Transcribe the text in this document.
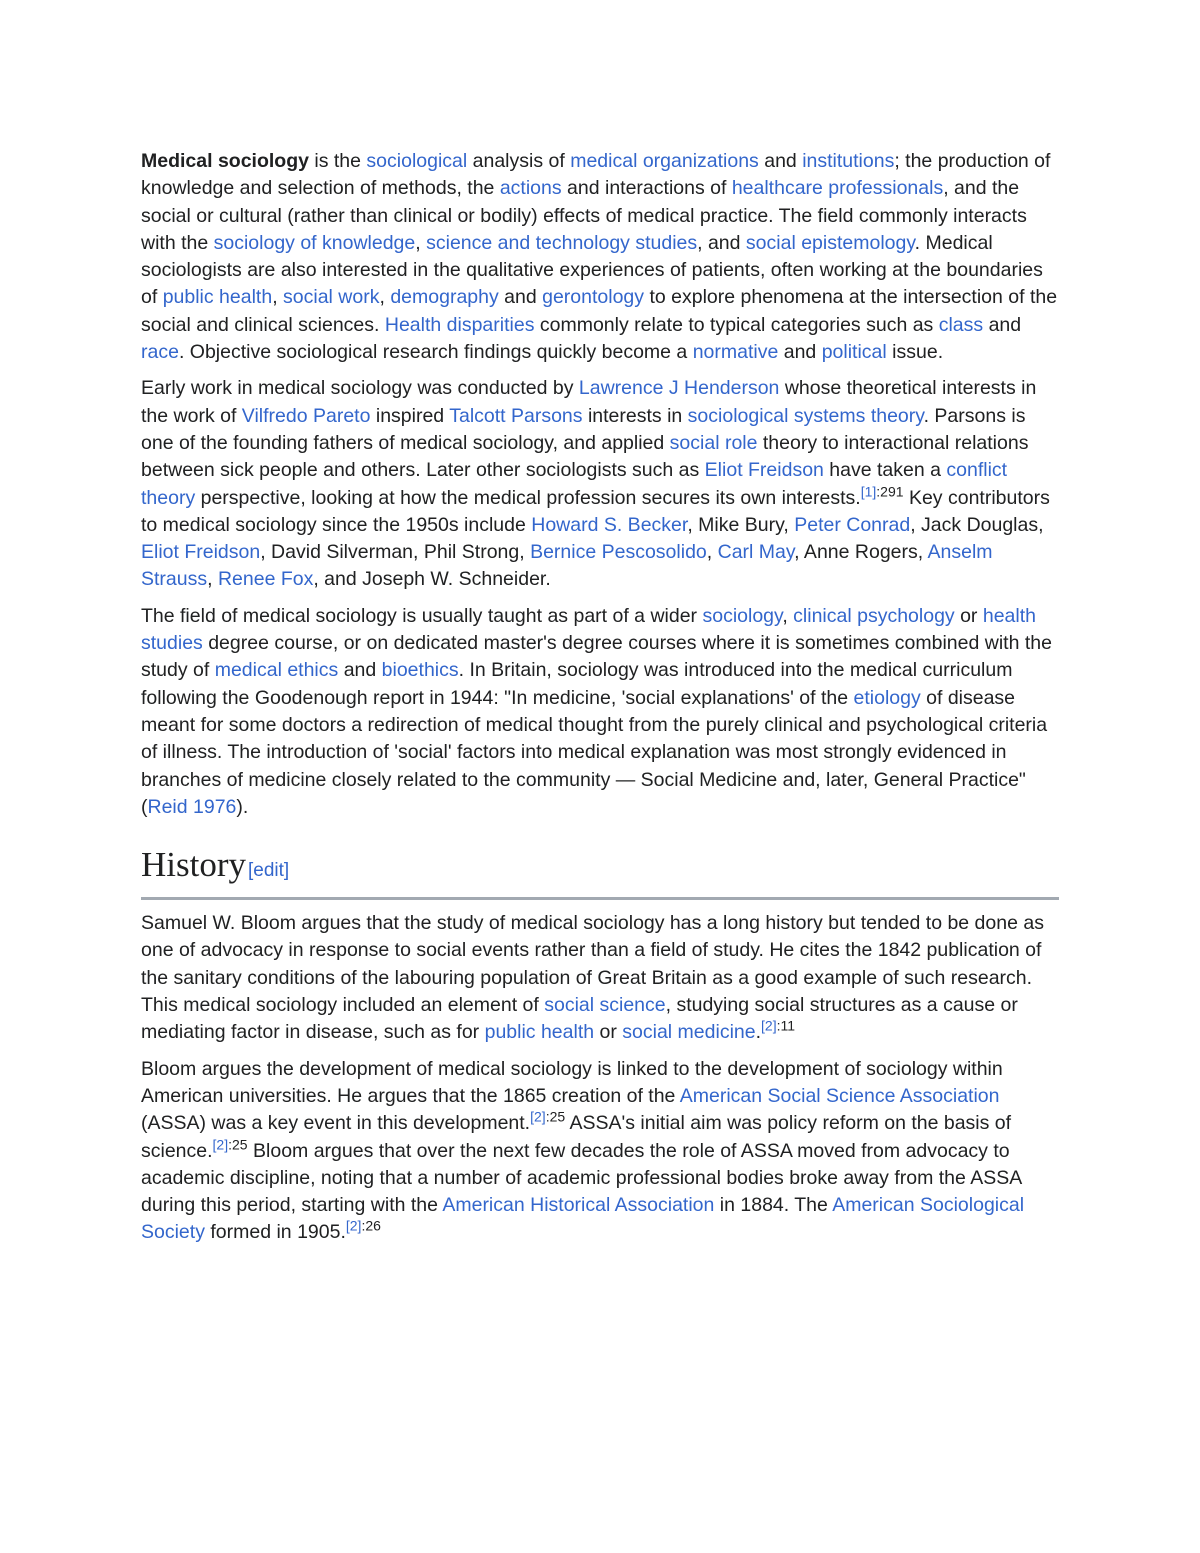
Medical sociology is the sociological analysis of medical organizations and institutions; the production of knowledge and selection of methods, the actions and interactions of healthcare professionals, and the social or cultural (rather than clinical or bodily) effects of medical practice. The field commonly interacts with the sociology of knowledge, science and technology studies, and social epistemology. Medical sociologists are also interested in the qualitative experiences of patients, often working at the boundaries of public health, social work, demography and gerontology to explore phenomena at the intersection of the social and clinical sciences. Health disparities commonly relate to typical categories such as class and race. Objective sociological research findings quickly become a normative and political issue.

Early work in medical sociology was conducted by Lawrence J Henderson whose theoretical interests in the work of Vilfredo Pareto inspired Talcott Parsons interests in sociological systems theory. Parsons is one of the founding fathers of medical sociology, and applied social role theory to interactional relations between sick people and others. Later other sociologists such as Eliot Freidson have taken a conflict theory perspective, looking at how the medical profession secures its own interests.$^{[1]:291}$ Key contributors to medical sociology since the 1950s include Howard S. Becker, Mike Bury, Peter Conrad, Jack Douglas, Eliot Freidson, David Silverman, Phil Strong, Bernice Pescosolido, Carl May, Anne Rogers, Anselm Strauss, Renee Fox, and Joseph W. Schneider.

The field of medical sociology is usually taught as part of a wider sociology, clinical psychology or health studies degree course, or on dedicated master's degree courses where it is sometimes combined with the study of medical ethics and bioethics. In Britain, sociology was introduced into the medical curriculum following the Goodenough report in 1944: "In medicine, 'social explanations' of the etiology of disease meant for some doctors a redirection of medical thought from the purely clinical and psychological criteria of illness. The introduction of 'social' factors into medical explanation was most strongly evidenced in branches of medicine closely related to the community — Social Medicine and, later, General Practice" (Reid 1976).

History [edit]

Samuel W. Bloom argues that the study of medical sociology has a long history but tended to be done as one of advocacy in response to social events rather than a field of study. He cites the 1842 publication of the sanitary conditions of the labouring population of Great Britain as a good example of such research. This medical sociology included an element of social science, studying social structures as a cause or mediating factor in disease, such as for public health or social medicine.$^{[2]:11}$

Bloom argues the development of medical sociology is linked to the development of sociology within American universities. He argues that the 1865 creation of the American Social Science Association (ASSA) was a key event in this development.$^{[2]:25}$ ASSA's initial aim was policy reform on the basis of science.$^{[2]:25}$ Bloom argues that over the next few decades the role of ASSA moved from advocacy to academic discipline, noting that a number of academic professional bodies broke away from the ASSA during this period, starting with the American Historical Association in 1884. The American Sociological Society formed in 1905.$^{[2]:26}$
